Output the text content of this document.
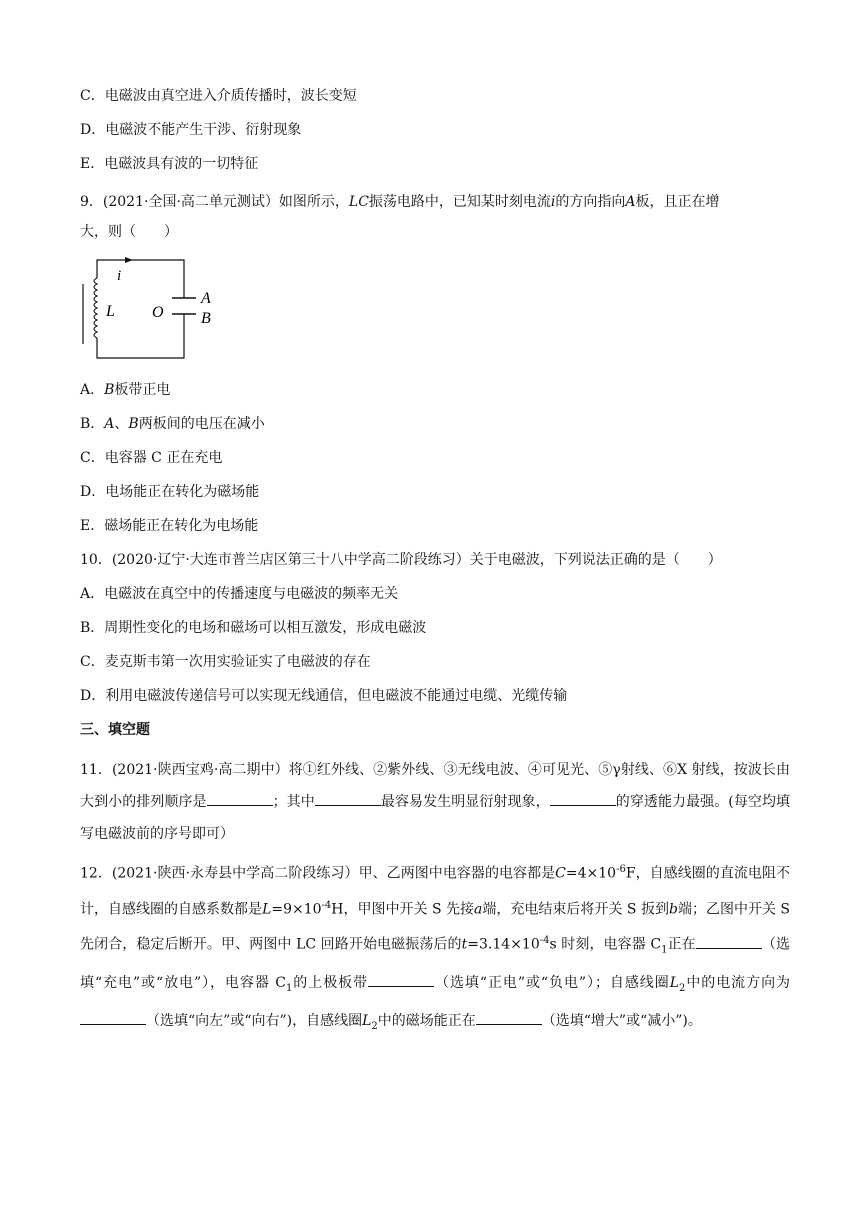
C．电磁波由真空进入介质传播时，波长变短
D．电磁波不能产生干涉、衍射现象
E．电磁波具有波的一切特征
9．(2021·全国·高二单元测试）如图所示，LC振荡电路中，已知某时刻电流i的方向指向A板，且正在增
大，则（　　）
i
L O
A
B
A．B板带正电
B．A、B两板间的电压在减小
C．电容器 C 正在充电
D．电场能正在转化为磁场能
E．磁场能正在转化为电场能
10．(2020·辽宁·大连市普兰店区第三十八中学高二阶段练习）关于电磁波，下列说法正确的是（　　）
A．电磁波在真空中的传播速度与电磁波的频率无关
B．周期性变化的电场和磁场可以相互激发，形成电磁波
C．麦克斯韦第一次用实验证实了电磁波的存在
D．利用电磁波传递信号可以实现无线通信，但电磁波不能通过电缆、光缆传输
三、填空题
11．(2021·陕西宝鸡·高二期中）将①红外线、②紫外线、③无线电波、④可见光、⑤γ射线、⑥X 射线，按波长由大到小的排列顺序是	；其中	最容易发生明显衍射现象，	的穿透能力最强。(每空均填写电磁波前的序号即可）
12．(2021·陕西·永寿县中学高二阶段练习）甲、乙两图中电容器的电容都是$C=4\times 10^{-6}F$，自感线圈的直流电阻不计，自感线圈的自感系数都是$L=9\times 10^{-4}H$，甲图中开关 S 先接a端，充电结束后将开关 S 扳到b端；乙图中开关 S 先闭合，稳定后断开。甲、两图中 LC 回路开始电磁振荡后的$t=3.14\times 10^{-4}s$ 时刻，电容器 $C_1$正在	（选填“充电”或“放电”），电容器 $C_1$的上极板带	（选填“正电”或“负电”）；自感线圈$L_2$中的电流方向为（选填“向左”或“向右”)，自感线圈$L_2$中的磁场能正在	（选填“增大”或“减小”)。
